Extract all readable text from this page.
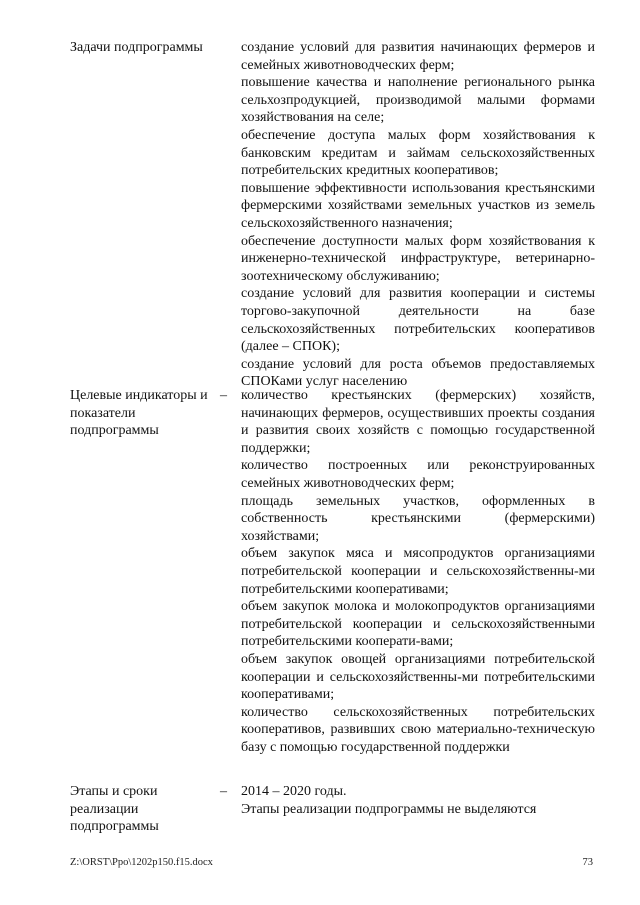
Задачи подпрограммы	создание условий для развития начинающих фермеров и семейных животноводческих ферм;

повышение качества и наполнение регионального рынка сельхозпродукцией, производимой малыми формами хозяйствования на селе;

обеспечение доступа малых форм хозяйствования к банковским кредитам и займам сельскохозяйственных потребительских кредитных кооперативов;

повышение эффективности использования крестьянскими фермерскими хозяйствами земельных участков из земель сельскохозяйственного назначения;

обеспечение доступности малых форм хозяйствования к инженерно-технической инфраструктуре, ветеринарно-зоотехническому обслуживанию;

создание условий для развития кооперации и системы торгово-закупочной деятельности на базе сельскохозяйственных потребительских кооперативов (далее – СПОК);

создание условий для роста объемов предоставляемых СПОКами услуг населению

Целевые индикаторы и показатели подпрограммы
– количество крестьянских (фермерских) хозяйств, начинающих фермеров, осуществивших проекты создания и развития своих хозяйств с помощью государственной поддержки;

количество построенных или реконструированных семейных животноводческих ферм;

площадь земельных участков, оформленных в собственность крестьянскими (фермерскими) хозяйствами;

объем закупок мяса и мясопродуктов организациями потребительской кооперации и сельскохозяйственны-ми потребительскими кооперативами;

объем закупок молока и молокопродуктов организациями потребительской кооперации и сельскохозяйственными потребительскими кооперати-вами;

объем закупок овощей организациями потребительской кооперации и сельскохозяйственны-ми потребительскими кооперативами;

количество сельскохозяйственных потребительских кооперативов, развивших свою материально-техническую базу с помощью государственной поддержки

Этапы и сроки реализации подпрограммы
– 2014 – 2020 годы.

Этапы реализации подпрограммы не выделяются

Z:\ORST\Ppo\1202p150.f15.docx	73
